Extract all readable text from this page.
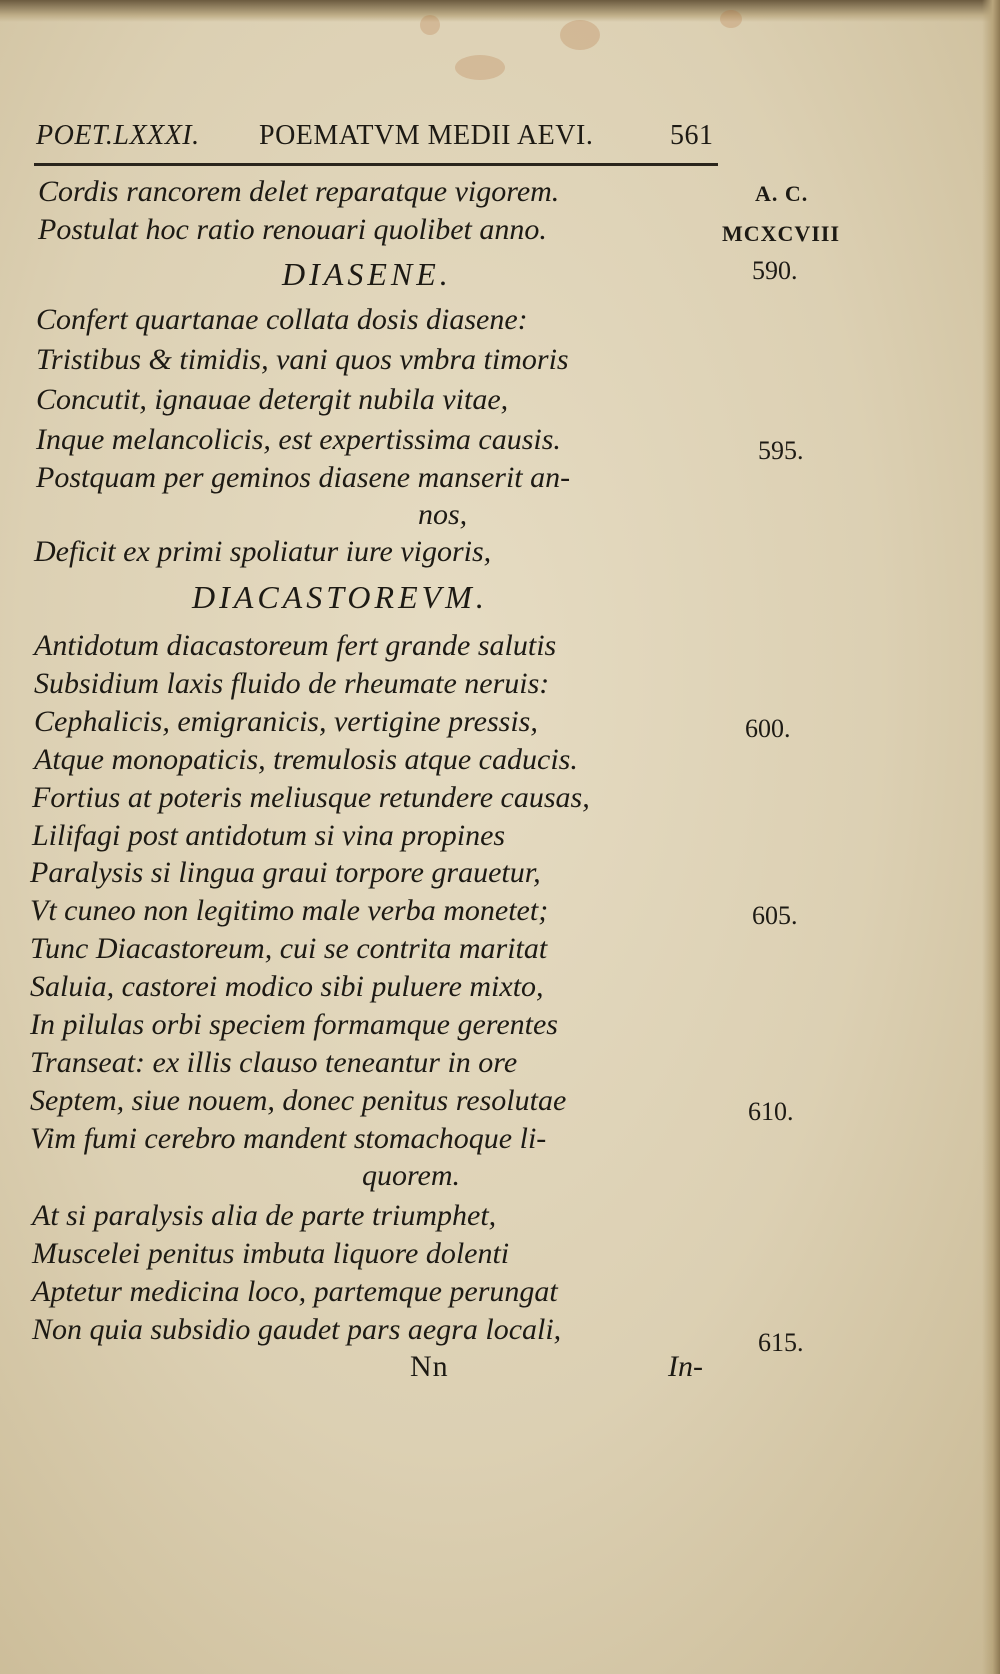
POET.LXXXI. POEMATVM MEDII AEVI.	561
A. C.
MCXCVIII
590.
595.
600.
605.
610.
615.
DIASENE.
DIACASTOREVM.
Cordis rancorem delet reparatque vigorem.
Postulat hoc ratio renouari quolibet anno.
Confert quartanae collata dosis diasene:
Tristibus & timidis, vani quos vmbra timoris
Concutit, ignauae detergit nubila vitae,
Inque melancolicis, est expertissima causis.
Postquam per geminos diasene manserit an-
nos,
Deficit ex primi spoliatur iure vigoris,
Antidotum diacastoreum fert grande salutis
Subsidium laxis fluido de rheumate neruis:
Cephalicis, emigranicis, vertigine pressis,
Atque monopaticis, tremulosis atque caducis.
Fortius at poteris meliusque retundere causas,
Lilifagi post antidotum si vina propines
Paralysis si lingua graui torpore grauetur,
Vt cuneo non legitimo male verba monetet;
Tunc Diacastoreum, cui se contrita maritat
Saluia, castorei modico sibi puluere mixto,
In pilulas orbi speciem formamque gerentes
Transeat: ex illis clauso teneantur in ore
Septem, siue nouem, donec penitus resolutae
Vim fumi cerebro mandent stomachoque li-
quorem.
At si paralysis alia de parte triumphet,
Muscelei penitus imbuta liquore dolenti
Aptetur medicina loco, partemque perungat
Non quia subsidio gaudet pars aegra locali,
Nn	In-
